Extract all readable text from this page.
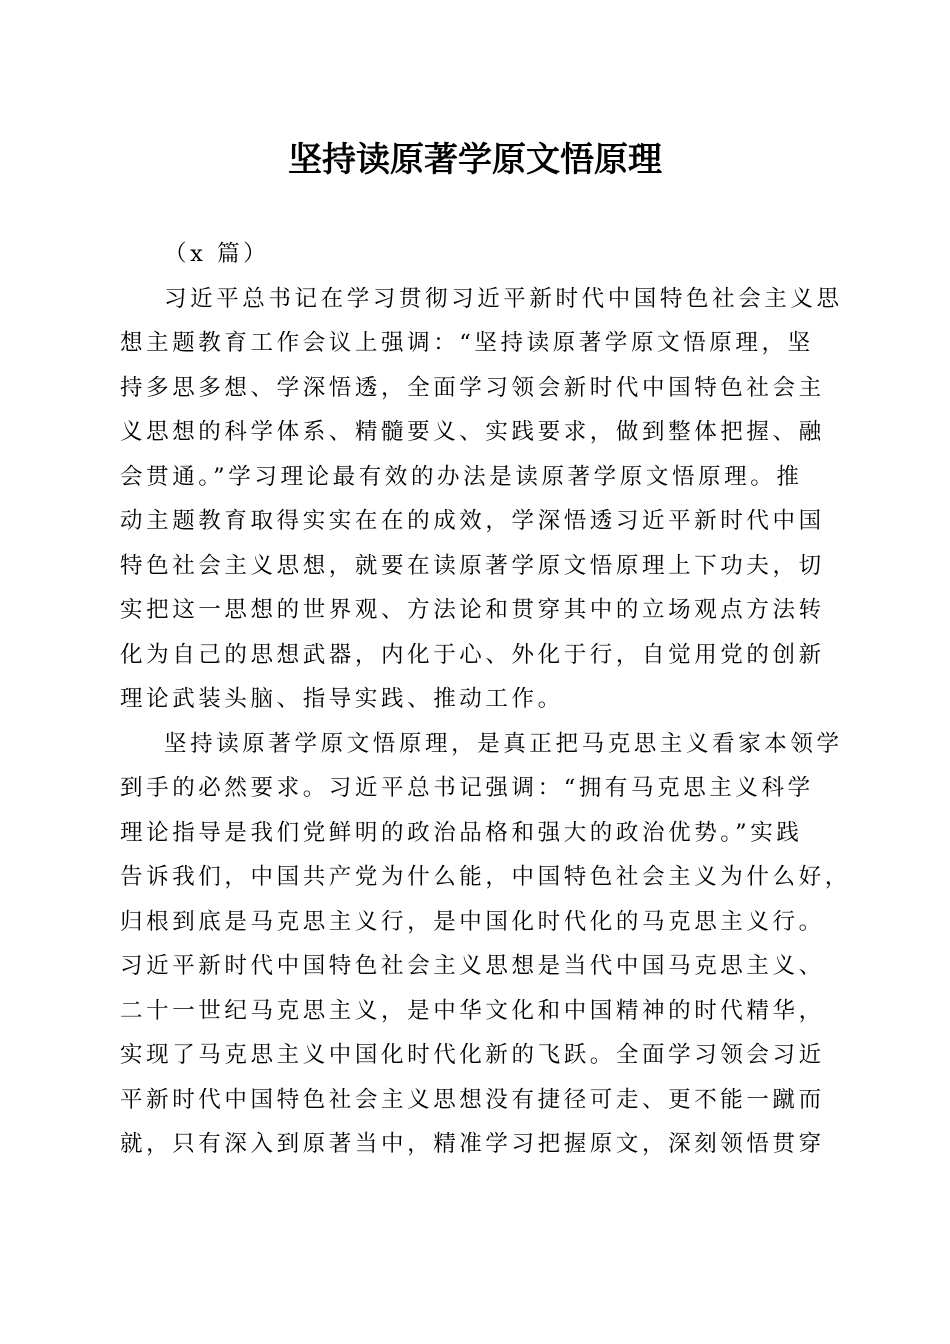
坚持读原著学原文悟原理
（x 篇）
习近平总书记在学习贯彻习近平新时代中国特色社会主义思
想主题教育工作会议上强调：“坚持读原著学原文悟原理，坚
持多思多想、学深悟透，全面学习领会新时代中国特色社会主
义思想的科学体系、精髓要义、实践要求，做到整体把握、融
会贯通。”学习理论最有效的办法是读原著学原文悟原理。推
动主题教育取得实实在在的成效，学深悟透习近平新时代中国
特色社会主义思想，就要在读原著学原文悟原理上下功夫，切
实把这一思想的世界观、方法论和贯穿其中的立场观点方法转
化为自己的思想武器，内化于心、外化于行，自觉用党的创新
理论武装头脑、指导实践、推动工作。
坚持读原著学原文悟原理，是真正把马克思主义看家本领学
到手的必然要求。习近平总书记强调：“拥有马克思主义科学
理论指导是我们党鲜明的政治品格和强大的政治优势。”实践
告诉我们，中国共产党为什么能，中国特色社会主义为什么好，
归根到底是马克思主义行，是中国化时代化的马克思主义行。
习近平新时代中国特色社会主义思想是当代中国马克思主义、
二十一世纪马克思主义，是中华文化和中国精神的时代精华，
实现了马克思主义中国化时代化新的飞跃。全面学习领会习近
平新时代中国特色社会主义思想没有捷径可走、更不能一蹴而
就，只有深入到原著当中，精准学习把握原文，深刻领悟贯穿
